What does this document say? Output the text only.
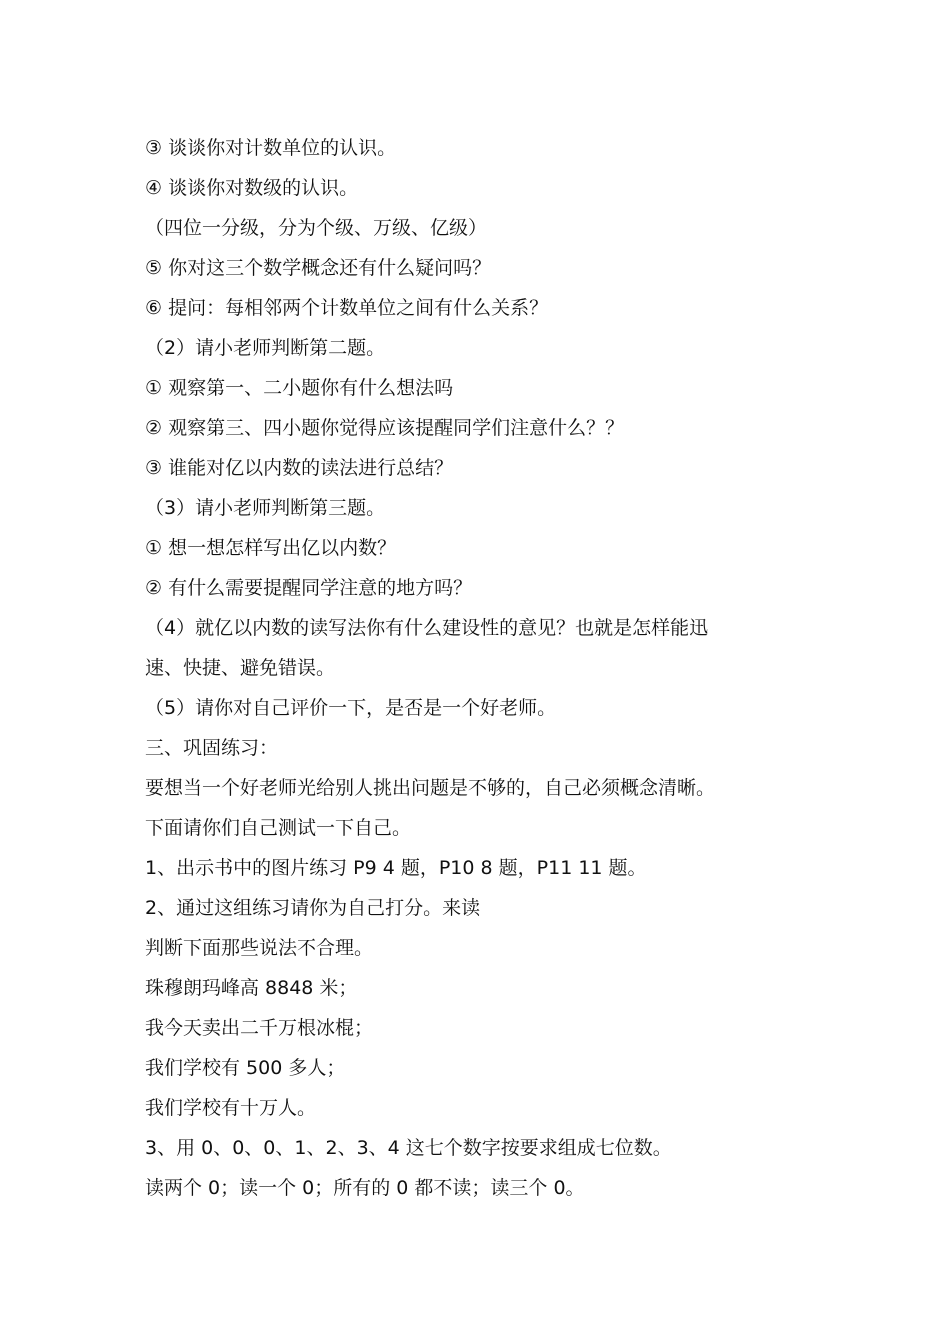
③ 谈谈你对计数单位的认识。
④ 谈谈你对数级的认识。
（四位一分级，分为个级、万级、亿级）
⑤ 你对这三个数学概念还有什么疑问吗？
⑥ 提问：每相邻两个计数单位之间有什么关系？
（2）请小老师判断第二题。
① 观察第一、二小题你有什么想法吗
② 观察第三、四小题你觉得应该提醒同学们注意什么？？
③ 谁能对亿以内数的读法进行总结？
（3）请小老师判断第三题。
① 想一想怎样写出亿以内数？
② 有什么需要提醒同学注意的地方吗？
（4）就亿以内数的读写法你有什么建设性的意见？也就是怎样能迅
速、快捷、避免错误。
（5）请你对自己评价一下，是否是一个好老师。
三、巩固练习：
要想当一个好老师光给别人挑出问题是不够的，自己必须概念清晰。
下面请你们自己测试一下自己。
1、出示书中的图片练习 P9 4 题，P10 8 题，P11 11 题。
2、通过这组练习请你为自己打分。来读
判断下面那些说法不合理。
珠穆朗玛峰高 8848 米；
我今天卖出二千万根冰棍；
我们学校有 500 多人；
我们学校有十万人。
3、用 0、0、0、1、2、3、4 这七个数字按要求组成七位数。
读两个 0；读一个 0；所有的 0 都不读；读三个 0。
